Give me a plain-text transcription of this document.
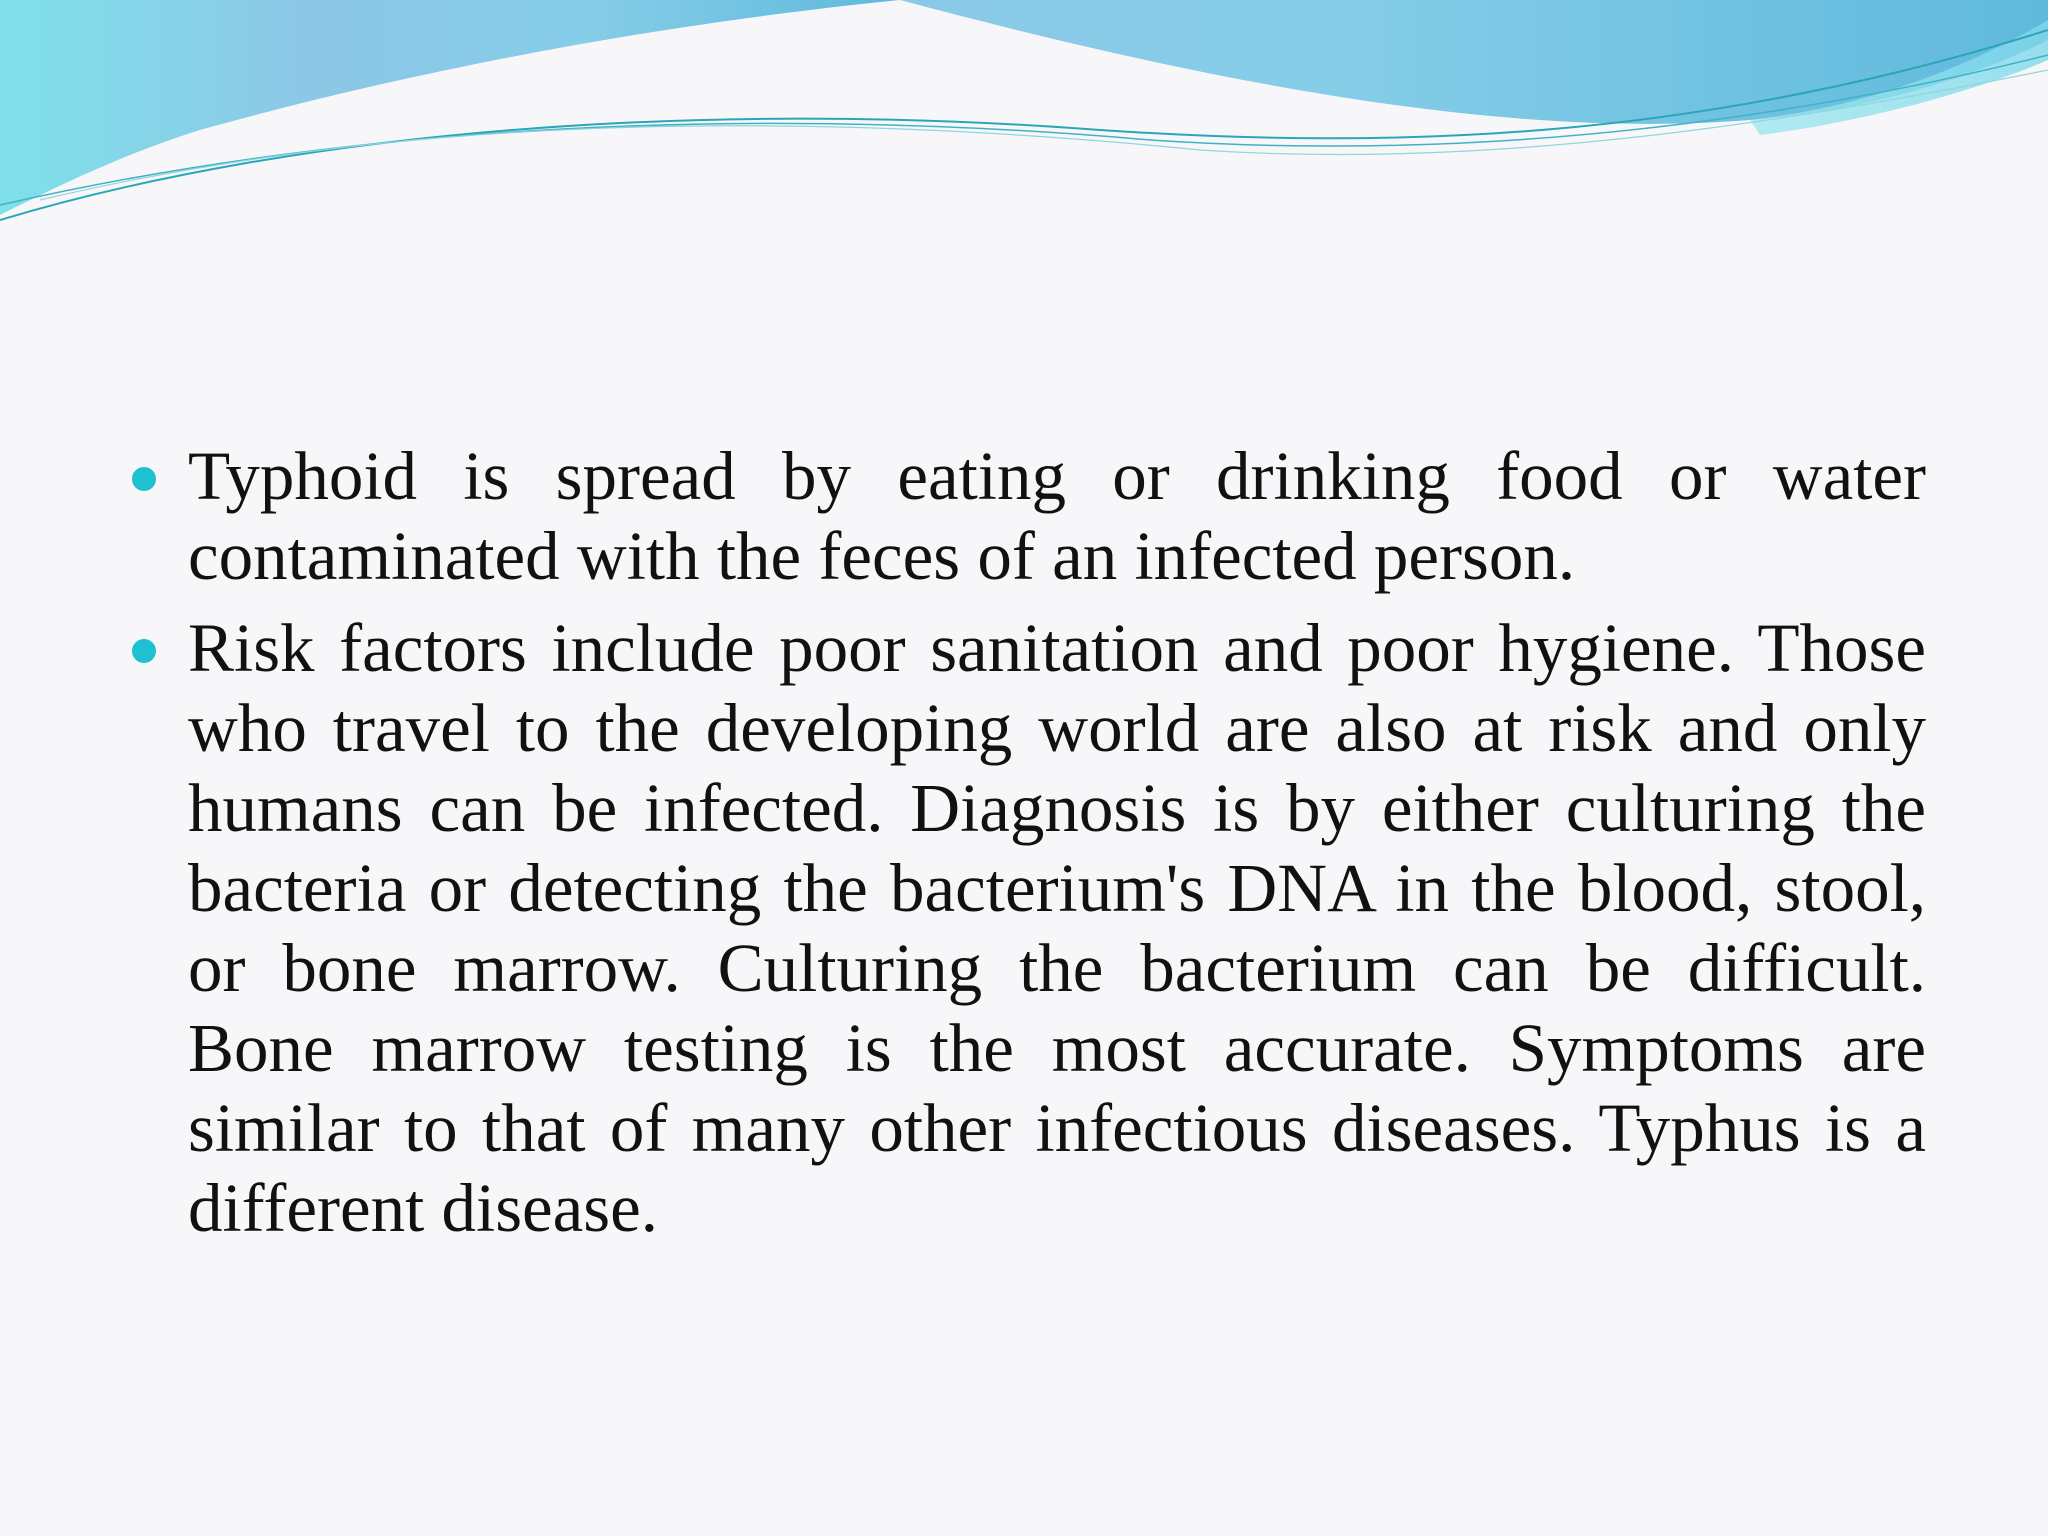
Typhoid is spread by eating or drinking food or water contaminated with the feces of an infected person.
Risk factors include poor sanitation and poor hygiene. Those who travel to the developing world are also at risk and only humans can be infected. Diagnosis is by either culturing the bacteria or detecting the bacterium's DNA in the blood, stool, or bone marrow. Culturing the bacterium can be difficult. Bone marrow testing is the most accurate. Symptoms are similar to that of many other infectious diseases. Typhus is a different disease.
